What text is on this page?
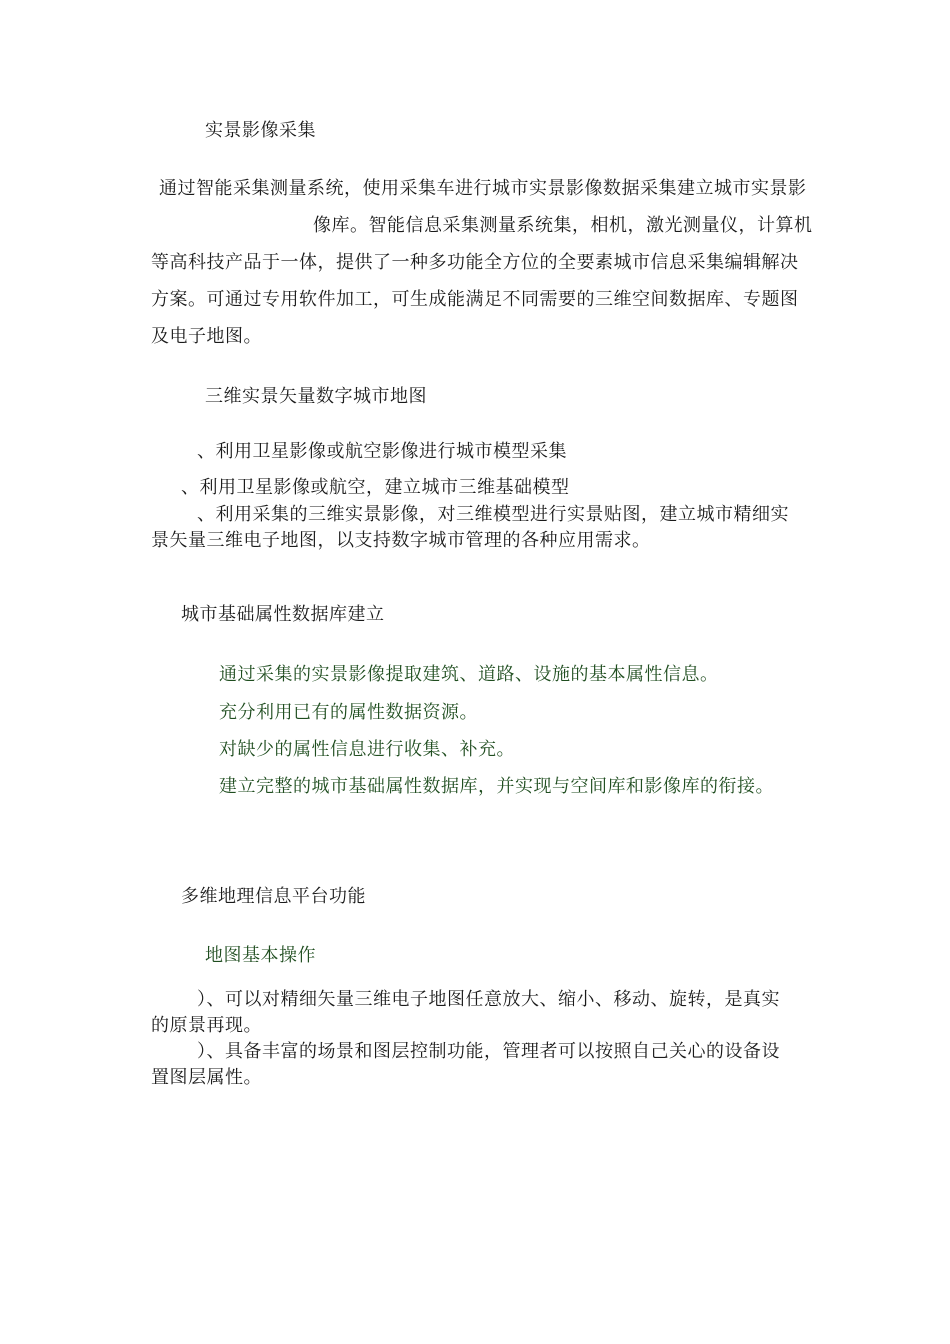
实景影像采集
通过智能采集测量系统，使用采集车进行城市实景影像数据采集建立城市实景影
像库。智能信息采集测量系统集，相机，激光测量仪，计算机
等高科技产品于一体，提供了一种多功能全方位的全要素城市信息采集编辑解决
方案。可通过专用软件加工，可生成能满足不同需要的三维空间数据库、专题图
及电子地图。
三维实景矢量数字城市地图
、利用卫星影像或航空影像进行城市模型采集
、利用卫星影像或航空，建立城市三维基础模型
、利用采集的三维实景影像，对三维模型进行实景贴图，建立城市精细实
景矢量三维电子地图，以支持数字城市管理的各种应用需求。
城市基础属性数据库建立
通过采集的实景影像提取建筑、道路、设施的基本属性信息。
充分利用已有的属性数据资源。
对缺少的属性信息进行收集、补充。
建立完整的城市基础属性数据库，并实现与空间库和影像库的衔接。
多维地理信息平台功能
地图基本操作
）、可以对精细矢量三维电子地图任意放大、缩小、移动、旋转，是真实
的原景再现。
）、具备丰富的场景和图层控制功能，管理者可以按照自己关心的设备设
置图层属性。
